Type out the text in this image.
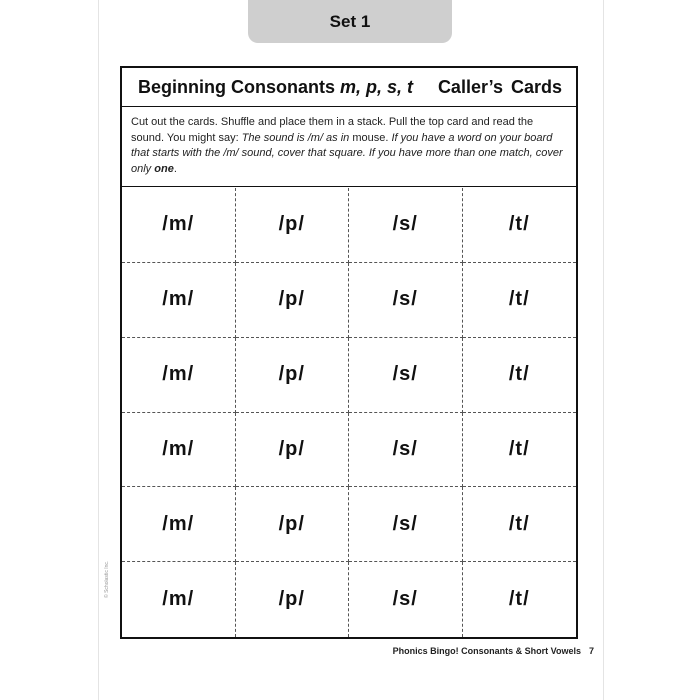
Set 1
Beginning Consonants m, p, s, t Caller’s Cards
Cut out the cards. Shuffle and place them in a stack. Pull the top card and read the sound. You might say: The sound is /m/ as in mouse. If you have a word on your board that starts with the /m/ sound, cover that square. If you have more than one match, cover only one.
/m/	/p/	/s/	/t/
/m/	/p/	/s/	/t/
/m/	/p/	/s/	/t/
/m/	/p/	/s/	/t/
/m/	/p/	/s/	/t/
/m/	/p/	/s/	/t/
Phonics Bingo! Consonants & Short Vowels 7
© Scholastic Inc.
